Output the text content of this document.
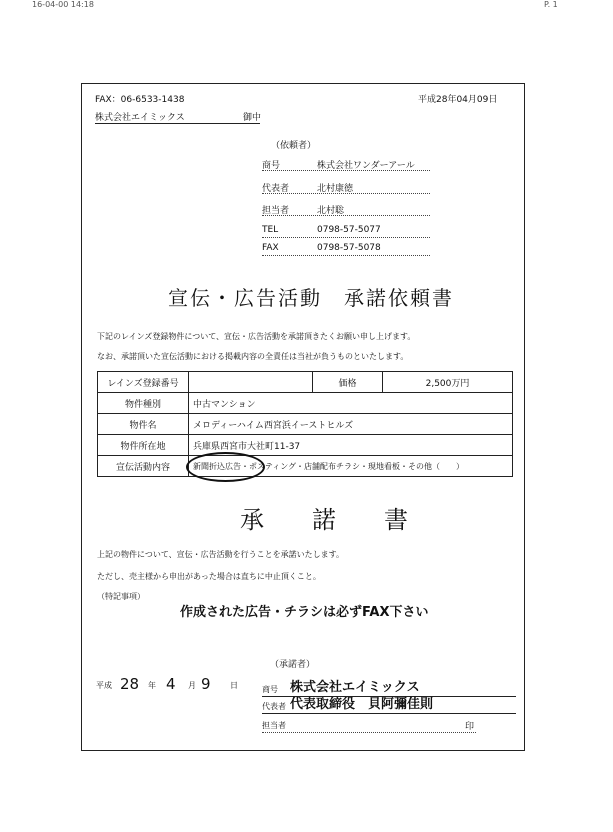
16-04-00 14:18	P. 1
FAX：06-6533-1438	平成28年04月09日
株式会社エイミックス	御中
（依頼者）
商号	株式会社ワンダーアール
代表者	北村康徳
担当者	北村聡
TEL	0798-57-5077
FAX	0798-57-5078
宣伝・広告活動　承諾依頼書
下記のレインズ登録物件について、宣伝・広告活動を承諾頂きたくお願い申し上げます。
なお、承諾頂いた宣伝活動における掲載内容の全責任は当社が負うものといたします。
レインズ登録番号		価格	2,500万円
物件種別	中古マンション		
物件名	メロディーハイム西宮浜イーストヒルズ		
物件所在地	兵庫県西宮市大社町11-37		
宣伝活動内容	新聞折込広告・ポスティング・店舗配布チラシ・現地看板・その他（　　）		
承　　諾　　書
上記の物件について、宣伝・広告活動を行うことを承諾いたします。
ただし、売主様から申出があった場合は直ちに中止頂くこと。
（特記事項）
作成された広告・チラシは必ずFAX下さい
（承諾者）
平成 28 年 4 月 9 日	商号 株式会社エイミックス
代表者 代表取締役　貝阿彌佳則
担当者	印
